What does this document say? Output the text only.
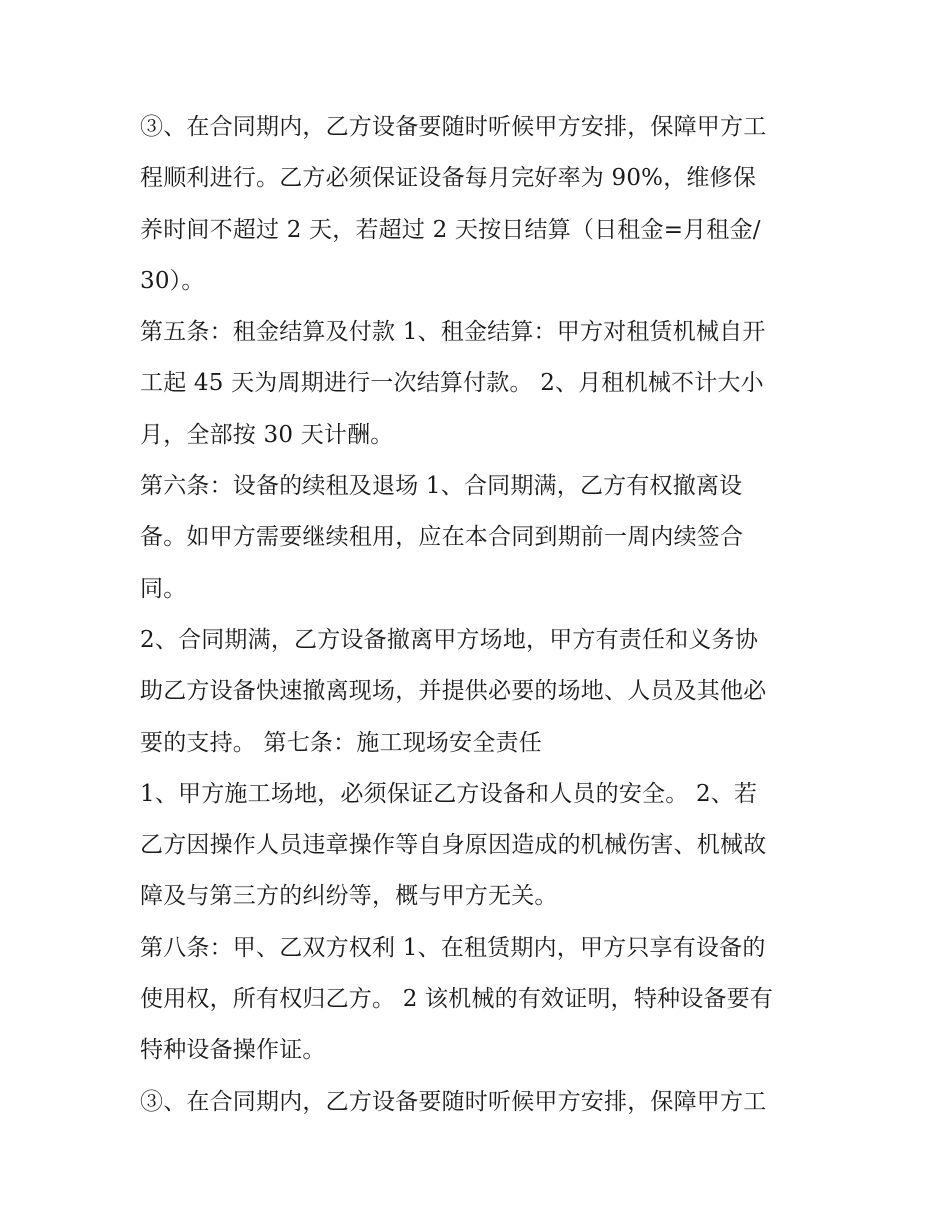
③、在合同期内，乙方设备要随时听候甲方安排，保障甲方工
程顺利进行。乙方必须保证设备每月完好率为 90%，维修保
养时间不超过 2 天，若超过 2 天按日结算（日租金=月租金/
30）。
第五条：租金结算及付款 1、租金结算：甲方对租赁机械自开
工起 45 天为周期进行一次结算付款。 2、月租机械不计大小
月，全部按 30 天计酬。
第六条：设备的续租及退场 1、合同期满，乙方有权撤离设
备。如甲方需要继续租用，应在本合同到期前一周内续签合
同。
2、合同期满，乙方设备撤离甲方场地，甲方有责任和义务协
助乙方设备快速撤离现场，并提供必要的场地、人员及其他必
要的支持。 第七条：施工现场安全责任
1、甲方施工场地，必须保证乙方设备和人员的安全。 2、若
乙方因操作人员违章操作等自身原因造成的机械伤害、机械故
障及与第三方的纠纷等，概与甲方无关。
第八条：甲、乙双方权利 1、在租赁期内，甲方只享有设备的
使用权，所有权归乙方。 2 该机械的有效证明，特种设备要有
特种设备操作证。
③、在合同期内，乙方设备要随时听候甲方安排，保障甲方工
